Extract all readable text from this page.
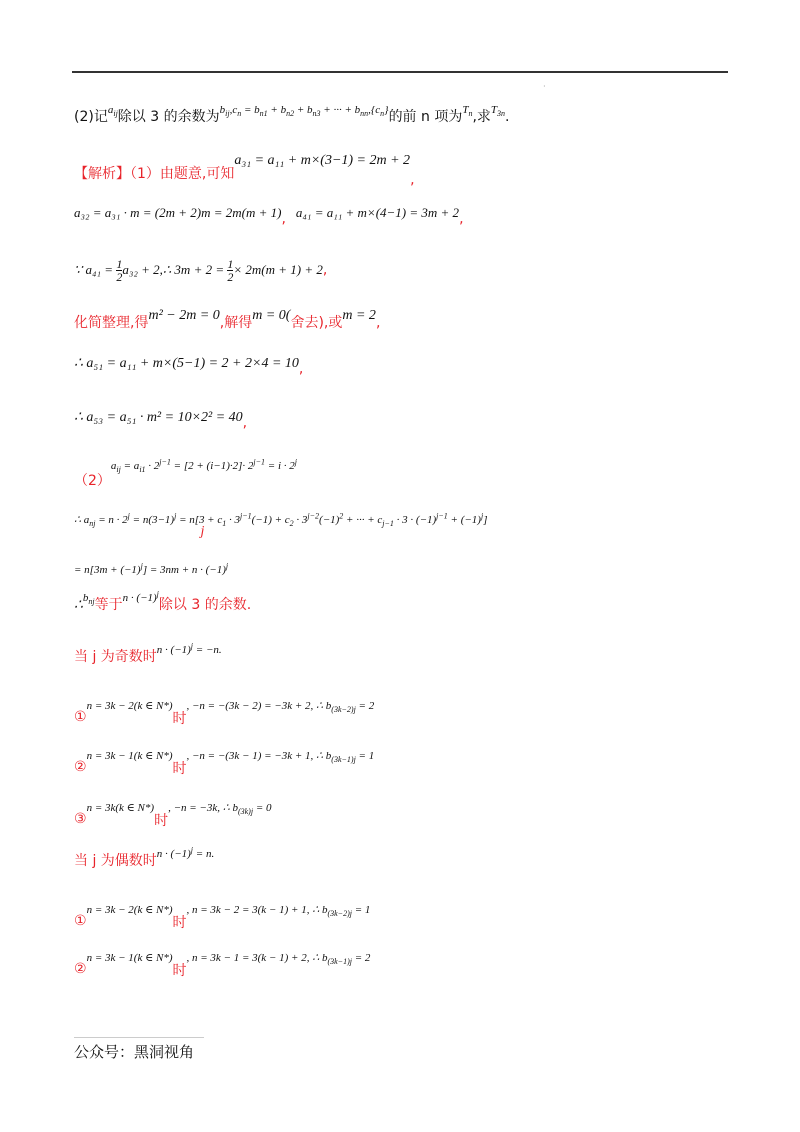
·
(2)记$^{a_{ij}}$除以 3 的余数为$^{b_{ij},c_n = b_{n1} + b_{n2} + b_{n3} + \cdot\cdot\cdot + b_{nn},\{c_n\}}$的前 n 项为$^{T_n}$,求$^{T_{3n}}$.
【解析】（1）由题意,可知a₃₁ = a₁₁ + m×(3−1) = 2m + 2,
a₃₂ = a₃₁ · m = (2m + 2)m = 2m(m + 1), a₄₁ = a₁₁ + m×(4−1) = 3m + 2,
∵ $a_{41} = \frac{1}{2} a_{32}$ + 2,∴ $3m + 2 = \frac{1}{2} \times 2m(m + 1) + 2$,
化简整理,得m² − 2m = 0,解得m = 0(舍去),或m = 2,
∴ a₅₁ = a₁₁ + m×(5−1) = 2 + 2×4 = 10,
∴ a₅₃ = a₅₁ · m² = 10×2² = 40,
$(2)^{a_{ij} = a_{i1} \cdot 2^{j-1} = [2 + (i-1)\cdot 2]\cdot 2^{j-1} = i \cdot 2^j}$
∴ $a_{nj} = n \cdot 2^j = n(3-1)^j = n[3$ $j + c_1 \cdot 3^{j-1}(-1) + c_2 \cdot 3^{j-2}(-1)^2$ + ··· + $c_{j-1} \cdot 3 \cdot (-1)^{j-1} + (-1)^j$]
= $n[3m + (-1)^j] = 3nm + n \cdot (-1)^j$
∴$^{b_{nj}}$等于$^{n \cdot (-1)^j}$除以 3 的余数.
当 j 为奇数时$^{n \cdot (-1)^j = -n.}$
①n = 3k − 2(k ∈ N*)时, −n = −(3k − 2) = −3k + 2, ∴ $b_{(3k-2)j} = 2$
②n = 3k − 1(k ∈ N*)时, −n = −(3k − 1) = −3k + 1, ∴ $b_{(3k-1)j} = 1$
③n = 3k(k ∈ N*)时, −n = −3k, ∴ $b_{(3k)j} = 0$
当 j 为偶数时$^{n \cdot (-1)^j = n.}$
①n = 3k − 2(k ∈ N*)时, n = 3k − 2 = 3(k − 1) + 1, ∴ $b_{(3k-2)j} = 1$
②n = 3k − 1(k ∈ N*)时, n = 3k − 1 = 3(k − 1) + 2, ∴ $b_{(3k-1)j} = 2$
公众号：黑洞视角
